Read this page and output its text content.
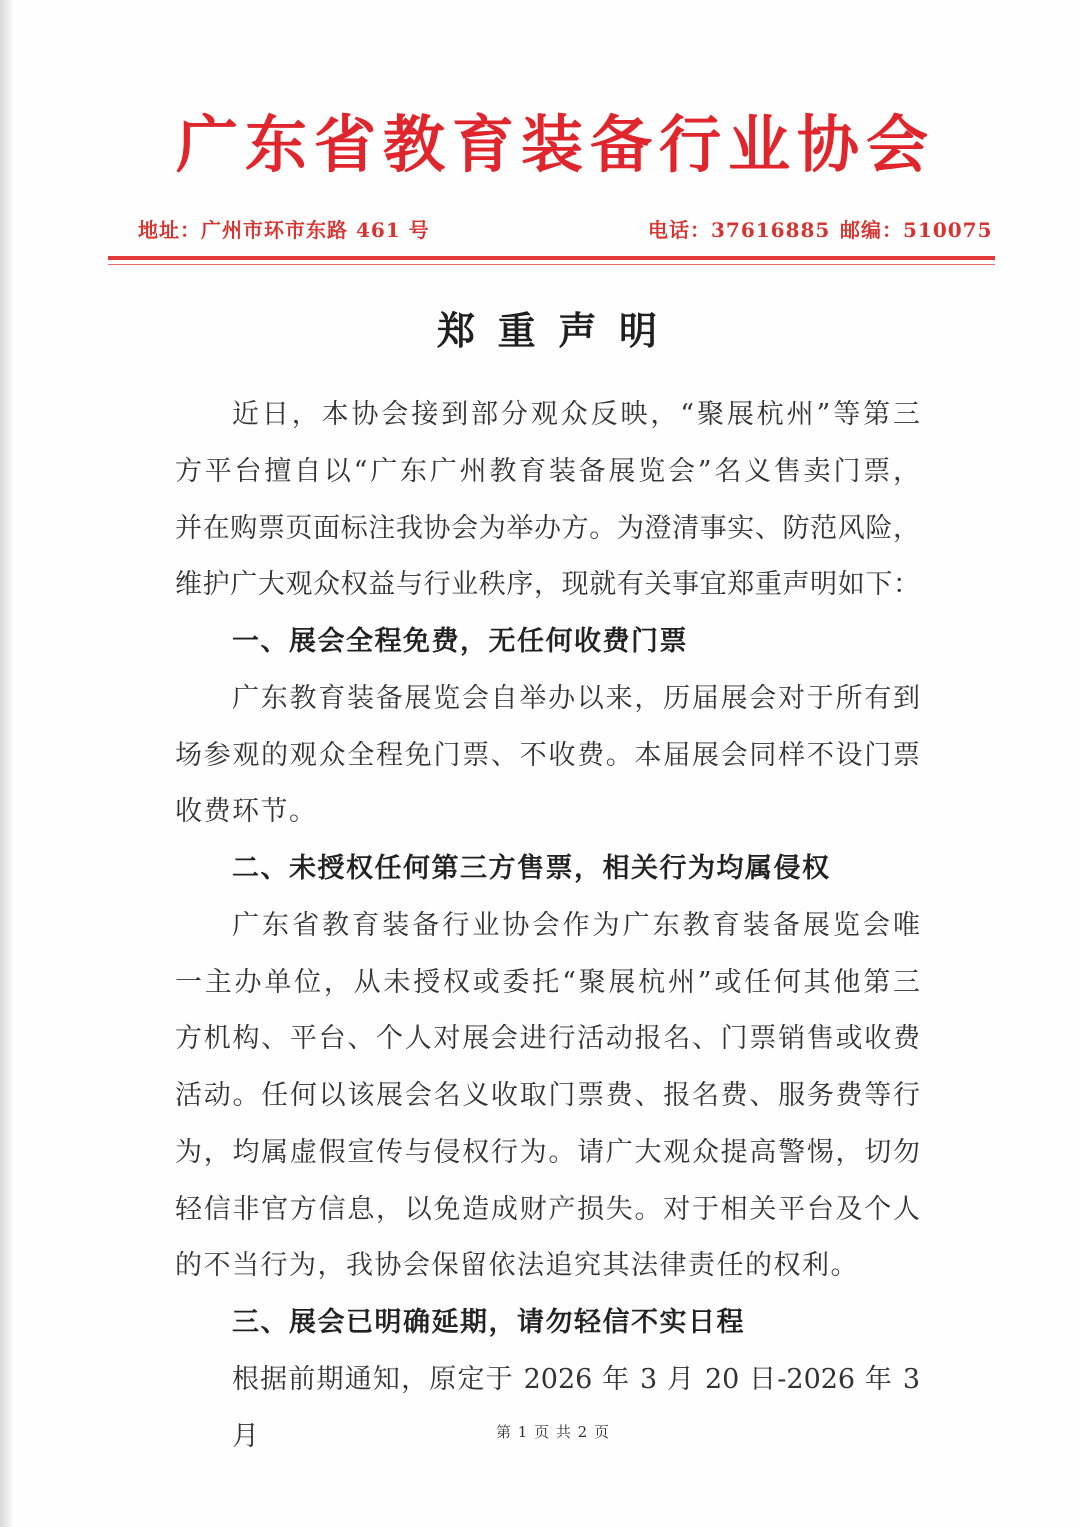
广东省教育装备行业协会
地址：广州市环市东路 461 号	电话：37616885 邮编：510075
郑重声明
近日，本协会接到部分观众反映，“聚展杭州”等第三
方平台擅自以“广东广州教育装备展览会”名义售卖门票，
并在购票页面标注我协会为举办方。为澄清事实、防范风险，
维护广大观众权益与行业秩序，现就有关事宜郑重声明如下：
一、展会全程免费，无任何收费门票
广东教育装备展览会自举办以来，历届展会对于所有到
场参观的观众全程免门票、不收费。本届展会同样不设门票
收费环节。
二、未授权任何第三方售票，相关行为均属侵权
广东省教育装备行业协会作为广东教育装备展览会唯
一主办单位，从未授权或委托“聚展杭州”或任何其他第三
方机构、平台、个人对展会进行活动报名、门票销售或收费
活动。任何以该展会名义收取门票费、报名费、服务费等行
为，均属虚假宣传与侵权行为。请广大观众提高警惕，切勿
轻信非官方信息，以免造成财产损失。对于相关平台及个人
的不当行为，我协会保留依法追究其法律责任的权利。
三、展会已明确延期，请勿轻信不实日程
根据前期通知，原定于 2026 年 3 月 20 日-2026 年 3 月	第 1 页 共 2 页
